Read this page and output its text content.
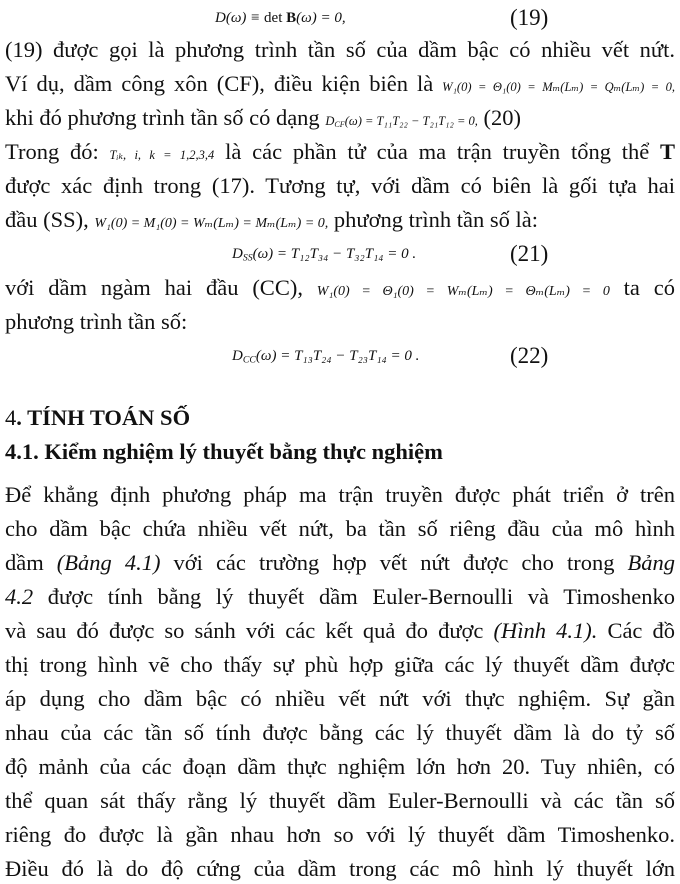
D(ω) ≡ det B(ω) = 0,	(19)
(19) được gọi là phương trình tần số của dầm bậc có nhiều vết nứt.
Ví dụ, dầm công xôn (CF), điều kiện biên là W₁(0) = Θ₁(0) = Mₘ(Lₘ) = Qₘ(Lₘ) = 0,
khi đó phương trình tần số có dạng $D_{CF}(\omega) = T_{11}T_{22} - T_{21}T_{12} = 0$, (20)
Trong đó: Tᵢₖ, i, k = 1,2,3,4 là các phần tử của ma trận truyền tổng thể T
được xác định trong (17). Tương tự, với dầm có biên là gối tựa hai
đầu (SS), W₁(0) = M₁(0) = Wₘ(Lₘ) = Mₘ(Lₘ) = 0, phương trình tần số là:
$D_{SS}(\omega) = T_{12}T_{34} - T_{32}T_{14} = 0$ .	(21)
với dầm ngàm hai đầu (CC), W₁(0) = Θ₁(0) = Wₘ(Lₘ) = Θₘ(Lₘ) = 0 ta có
phương trình tần số:
$D_{CC}(\omega) = T_{13}T_{24} - T_{23}T_{14} = 0$ .	(22)
4. TÍNH TOÁN SỐ
4.1. Kiểm nghiệm lý thuyết bằng thực nghiệm
Để khẳng định phương pháp ma trận truyền được phát triển ở trên
cho dầm bậc chứa nhiều vết nứt, ba tần số riêng đầu của mô hình
dầm (Bảng 4.1) với các trường hợp vết nứt được cho trong Bảng
4.2 được tính bằng lý thuyết dầm Euler-Bernoulli và Timoshenko
và sau đó được so sánh với các kết quả đo được (Hình 4.1). Các đồ
thị trong hình vẽ cho thấy sự phù hợp giữa các lý thuyết dầm được
áp dụng cho dầm bậc có nhiều vết nứt với thực nghiệm. Sự gần
nhau của các tần số tính được bằng các lý thuyết dầm là do tỷ số
độ mảnh của các đoạn dầm thực nghiệm lớn hơn 20. Tuy nhiên, có
thể quan sát thấy rằng lý thuyết dầm Euler-Bernoulli và các tần số
riêng đo được là gần nhau hơn so với lý thuyết dầm Timoshenko.
Điều đó là do độ cứng của dầm trong các mô hình lý thuyết lớn
